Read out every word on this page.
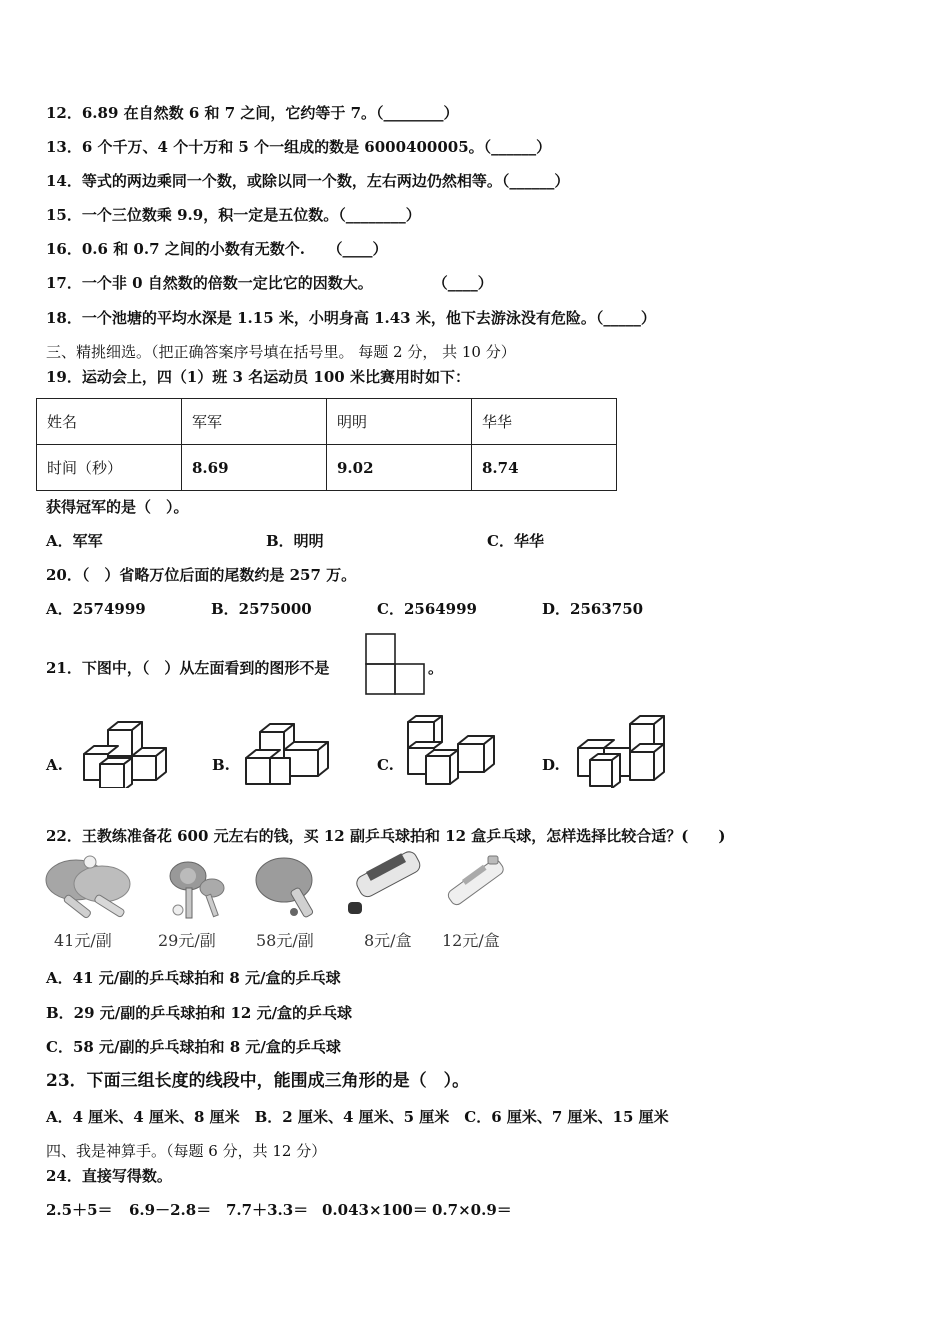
12．6.89 在自然数 6 和 7 之间，它约等于 7。（________）
13．6 个千万、4 个十万和 5 个一组成的数是 6000400005。（______）
14．等式的两边乘同一个数，或除以同一个数，左右两边仍然相等。（______）
15．一个三位数乘 9.9，积一定是五位数。（________）
16．0.6 和 0.7 之间的小数有无数个.　　（____）
17．一个非 0 自然数的倍数一定比它的因数大。　　　　　（____）
18．一个池塘的平均水深是 1.15 米，小明身高 1.43 米，他下去游泳没有危险。（_____）
三、精挑细选。（把正确答案序号填在括号里。 每题 2 分， 共 10 分）
19．运动会上，四（1）班 3 名运动员 100 米比赛用时如下：
姓名	军军	明明	华华
时间（秒）	8.69	9.02	8.74
获得冠军的是（　）。
A．军军	B．明明	C．华华
20．（　）省略万位后面的尾数约是 257 万。
A．2574999	B．2575000	C．2564999	D．2563750
21．下图中，（　）从左面看到的图形不是	。
A.	B.	C.	D.
22．王教练准备花 600 元左右的钱，买 12 副乒乓球拍和 12 盒乒乓球，怎样选择比较合适？(　　)
41元/副	29元/副	58元/副	8元/盒 12元/盒
A．41 元/副的乒乓球拍和 8 元/盒的乒乓球
B．29 元/副的乒乓球拍和 12 元/盒的乒乓球
C．58 元/副的乒乓球拍和 8 元/盒的乒乓球
23．下面三组长度的线段中，能围成三角形的是（　）。
A．4 厘米、4 厘米、8 厘米　B．2 厘米、4 厘米、5 厘米　C．6 厘米、7 厘米、15 厘米
四、我是神算手。（每题 6 分，共 12 分）
24．直接写得数。
2.5＋5＝ 6.9－2.8＝ 7.7＋3.3＝ 0.043×100＝ 0.7×0.9＝
